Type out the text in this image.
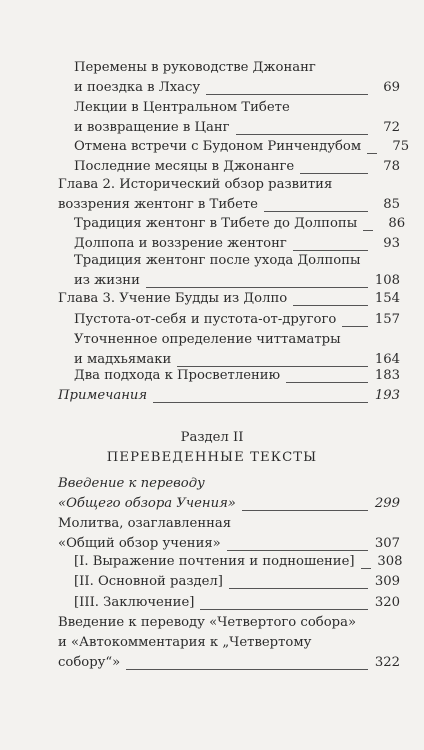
Перемены в руководстве Джонанг
и поездка в Лхасу	69
Лекции в Центральном Тибете
и возвращение в Цанг	72
Отмена встречи с Будоном Ринчендубом	75
Последние месяцы в Джонанге	78
Глава 2. Исторический обзор развития
воззрения жентонг в Тибете	85
Традиция жентонг в Тибете до Долпопы	86
Долпопа и воззрение жентонг	93
Традиция жентонг после ухода Долпопы
из жизни	108
Глава 3. Учение Будды из Долпо	154
Пустота-от-себя и пустота-от-другого	157
Уточненное определение читтаматры
и мадхьямаки	164
Два подхода к Просветлению	183
Примечания	193
Раздел II
ПЕРЕВЕДЕННЫЕ ТЕКСТЫ
Введение к переводу
«Общего обзора Учения»	299
Молитва, озаглавленная
«Общий обзор учения»	307
[I. Выражение почтения и подношение] 308
[II. Основной раздел]	309
[III. Заключение]	320
Введение к переводу «Четвертого собора»
и «Автокомментария к „Четвертому
собору“»	322
